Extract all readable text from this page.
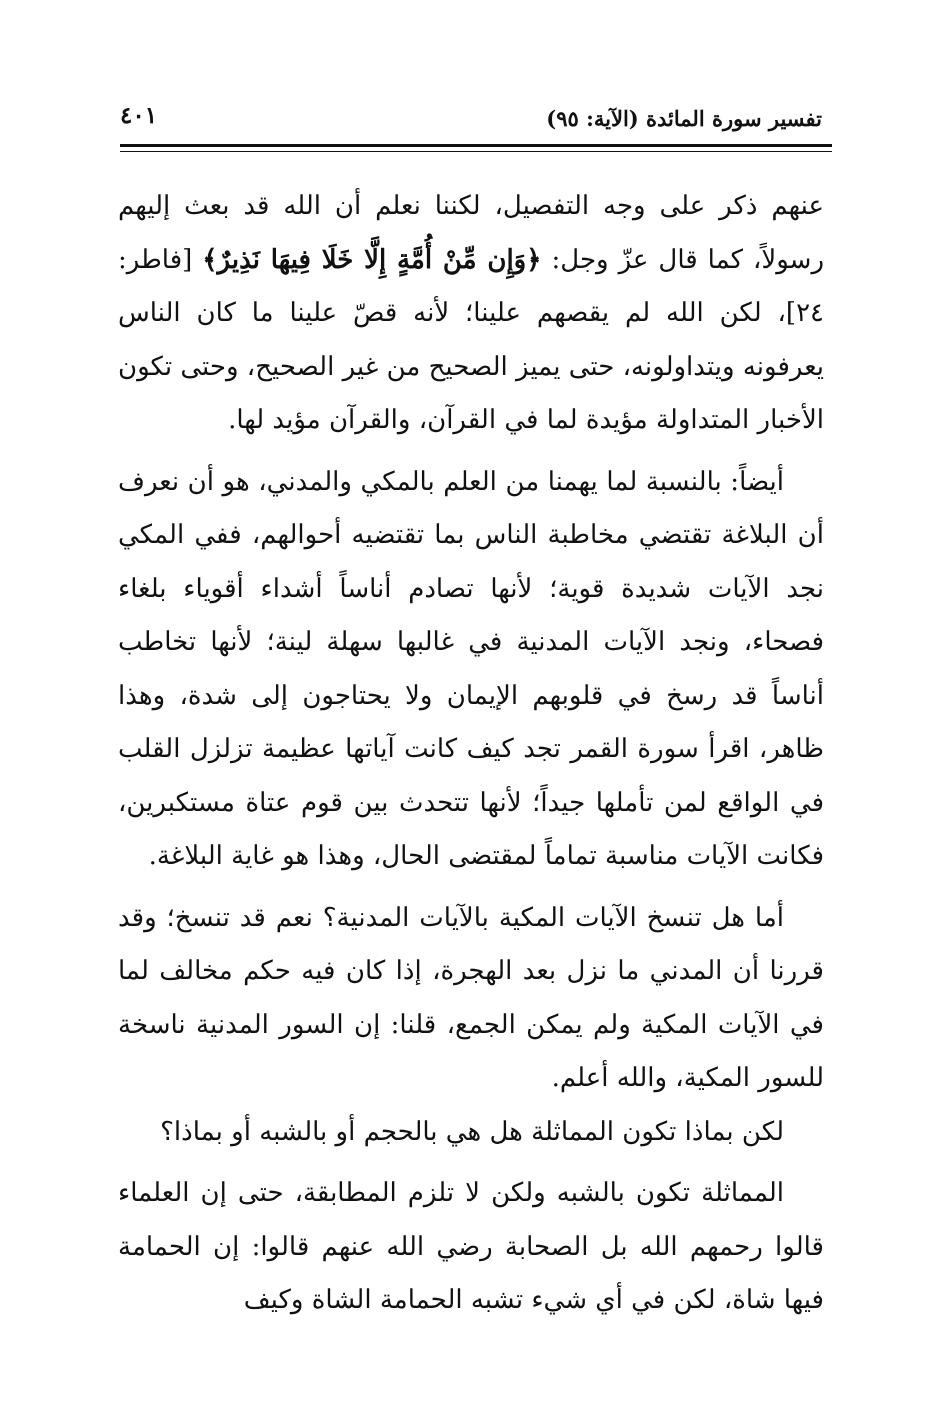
تفسير سورة المائدة (الآية: ٩٥)
٤٠١

عنهم ذكر على وجه التفصيل، لكننا نعلم أن الله قد بعث إليهم رسولاً، كما قال عزّ وجل: ﴿وَإِن مِّنْ أُمَّةٍ إِلَّا خَلَا فِيهَا نَذِيرٌ﴾ [فاطر: ٢٤]، لكن الله لم يقصهم علينا؛ لأنه قصّ علينا ما كان الناس يعرفونه ويتداولونه، حتى يميز الصحيح من غير الصحيح، وحتى تكون الأخبار المتداولة مؤيدة لما في القرآن، والقرآن مؤيد لها.

أيضاً: بالنسبة لما يهمنا من العلم بالمكي والمدني، هو أن نعرف أن البلاغة تقتضي مخاطبة الناس بما تقتضيه أحوالهم، ففي المكي نجد الآيات شديدة قوية؛ لأنها تصادم أناساً أشداء أقوياء بلغاء فصحاء، ونجد الآيات المدنية في غالبها سهلة لينة؛ لأنها تخاطب أناساً قد رسخ في قلوبهم الإيمان ولا يحتاجون إلى شدة، وهذا ظاهر، اقرأ سورة القمر تجد كيف كانت آياتها عظيمة تزلزل القلب في الواقع لمن تأملها جيداً؛ لأنها تتحدث بين قوم عتاة مستكبرين، فكانت الآيات مناسبة تماماً لمقتضى الحال، وهذا هو غاية البلاغة.

أما هل تنسخ الآيات المكية بالآيات المدنية؟ نعم قد تنسخ؛ وقد قررنا أن المدني ما نزل بعد الهجرة، إذا كان فيه حكم مخالف لما في الآيات المكية ولم يمكن الجمع، قلنا: إن السور المدنية ناسخة للسور المكية، والله أعلم.

لكن بماذا تكون المماثلة هل هي بالحجم أو بالشبه أو بماذا؟

المماثلة تكون بالشبه ولكن لا تلزم المطابقة، حتى إن العلماء قالوا رحمهم الله بل الصحابة رضي الله عنهم قالوا: إن الحمامة فيها شاة، لكن في أي شيء تشبه الحمامة الشاة وكيف
